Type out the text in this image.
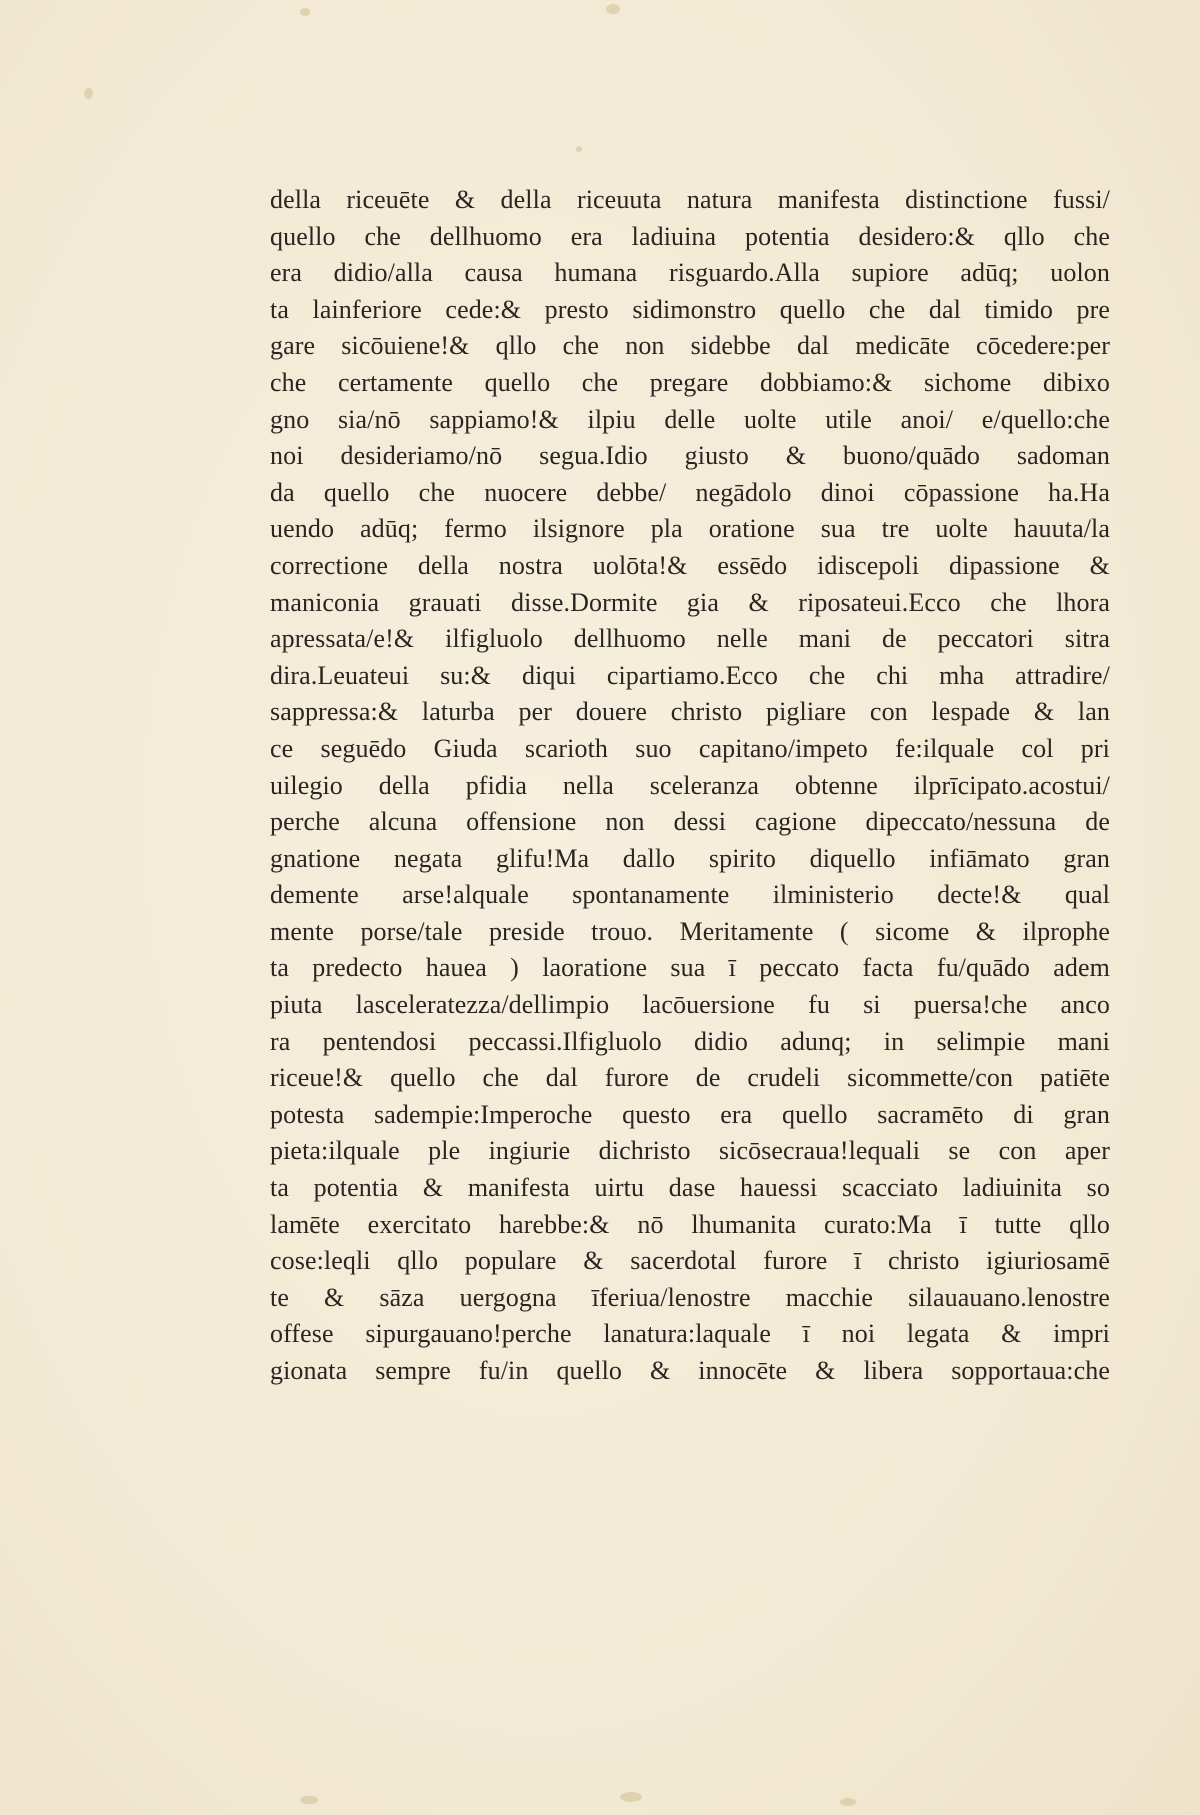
della riceuēte & della riceuuta natura manifesta distinctione fussi/
quello che dellhuomo era ladiuina potentia desidero:& qllo che
era didio/alla causa humana risguardo.Alla supiore adūq; uolon
ta lainferiore cede:& presto sidimonstro quello che dal timido pre
gare sicōuiene!& qllo che non sidebbe dal medicāte cōcedere:per
che certamente quello che pregare dobbiamo:& sichome dibixo
gno sia/nō sappiamo!& ilpiu delle uolte utile anoi/ e/quello:che
noi desideriamo/nō segua.Idio giusto & buono/quādo sadoman
da quello che nuocere debbe/ negādolo dinoi cōpassione ha.Ha
uendo adūq; fermo ilsignore pla oratione sua tre uolte hauuta/la
correctione della nostra uolōta!& essēdo idiscepoli dipassione &
maniconia grauati disse.Dormite gia & riposateui.Ecco che lhora
apressata/e!& ilfigluolo dellhuomo nelle mani de peccatori sitra
dira.Leuateui su:& diqui cipartiamo.Ecco che chi mha attradire/
sappressa:& laturba per douere christo pigliare con lespade & lan
ce seguēdo Giuda scarioth suo capitano/impeto fe:ilquale col pri
uilegio della pfidia nella sceleranza obtenne ilprīcipato.acostui/
perche alcuna offensione non dessi cagione dipeccato/nessuna de
gnatione negata glifu!Ma dallo spirito diquello infiāmato gran
demente arse!alquale spontanamente ilministerio decte!& qual
mente porse/tale preside trouo. Meritamente ( sicome & ilprophe
ta predecto hauea ) laoratione sua ī peccato facta fu/quādo adem
piuta lasceleratezza/dellimpio lacōuersione fu si puersa!che anco
ra pentendosi peccassi.Ilfigluolo didio adunq; in selimpie mani
riceue!& quello che dal furore de crudeli sicommette/con patiēte
potesta sadempie:Imperoche questo era quello sacramēto di gran
pieta:ilquale ple ingiurie dichristo sicōsecraua!lequali se con aper
ta potentia & manifesta uirtu dase hauessi scacciato ladiuinita so
lamēte exercitato harebbe:& nō lhumanita curato:Ma ī tutte qllo
cose:leqli qllo populare & sacerdotal furore ī christo igiuriosamē
te & sāza uergogna īferiua/lenostre macchie silauauano.lenostre
offese sipurgauano!perche lanatura:laquale ī noi legata & impri
gionata sempre fu/in quello & innocēte & libera sopportaua:che
